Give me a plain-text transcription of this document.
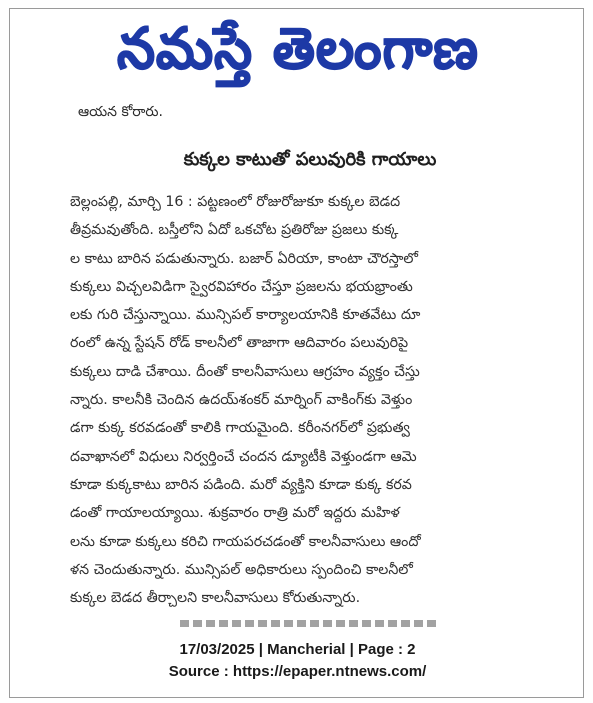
నమస్తే తెలంగాణ
ఆయన కోరారు.
కుక్కల కాటుతో పలువురికి గాయాలు
బెల్లంపల్లి, మార్చి 16 : పట్టణంలో రోజురోజుకూ కుక్కల బెడద
తీవ్రమవుతోంది. బస్తీలోని ఏదో ఒకచోట ప్రతిరోజు ప్రజలు కుక్క
ల కాటు బారిన పడుతున్నారు. బజార్ ఏరియా, కాంటా చౌరస్తాలో
కుక్కలు విచ్చలవిడిగా స్వైరవిహారం చేస్తూ ప్రజలను భయభ్రాంతు
లకు గురి చేస్తున్నాయి. మున్సిపల్ కార్యాలయానికి కూతవేటు దూ
రంలో ఉన్న స్టేషన్ రోడ్ కాలనీలో తాజాగా ఆదివారం పలువురిపై
కుక్కలు దాడి చేశాయి. దీంతో కాలనీవాసులు ఆగ్రహం వ్యక్తం చేస్తు
న్నారు. కాలనీకి చెందిన ఉదయ్‌శంకర్ మార్నింగ్ వాకింగ్‌కు వెళ్తుం
డగా కుక్క కరవడంతో కాలికి గాయమైంది. కరీంనగర్‌లో ప్రభుత్వ
దవాఖానలో విధులు నిర్వర్తించే చందన డ్యూటీకి వెళ్తుండగా ఆమె
కూడా కుక్కకాటు బారిన పడింది. మరో వ్యక్తిని కూడా కుక్క కరవ
డంతో గాయాలయ్యాయి. శుక్రవారం రాత్రి మరో ఇద్దరు మహిళ
లను కూడా కుక్కలు కరిచి గాయపరచడంతో కాలనీవాసులు ఆందో
ళన చెందుతున్నారు. మున్సిపల్ అధికారులు స్పందించి కాలనీలో
కుక్కల బెడద తీర్చాలని కాలనీవాసులు కోరుతున్నారు.
17/03/2025 | Mancherial | Page : 2
Source : https://epaper.ntnews.com/
